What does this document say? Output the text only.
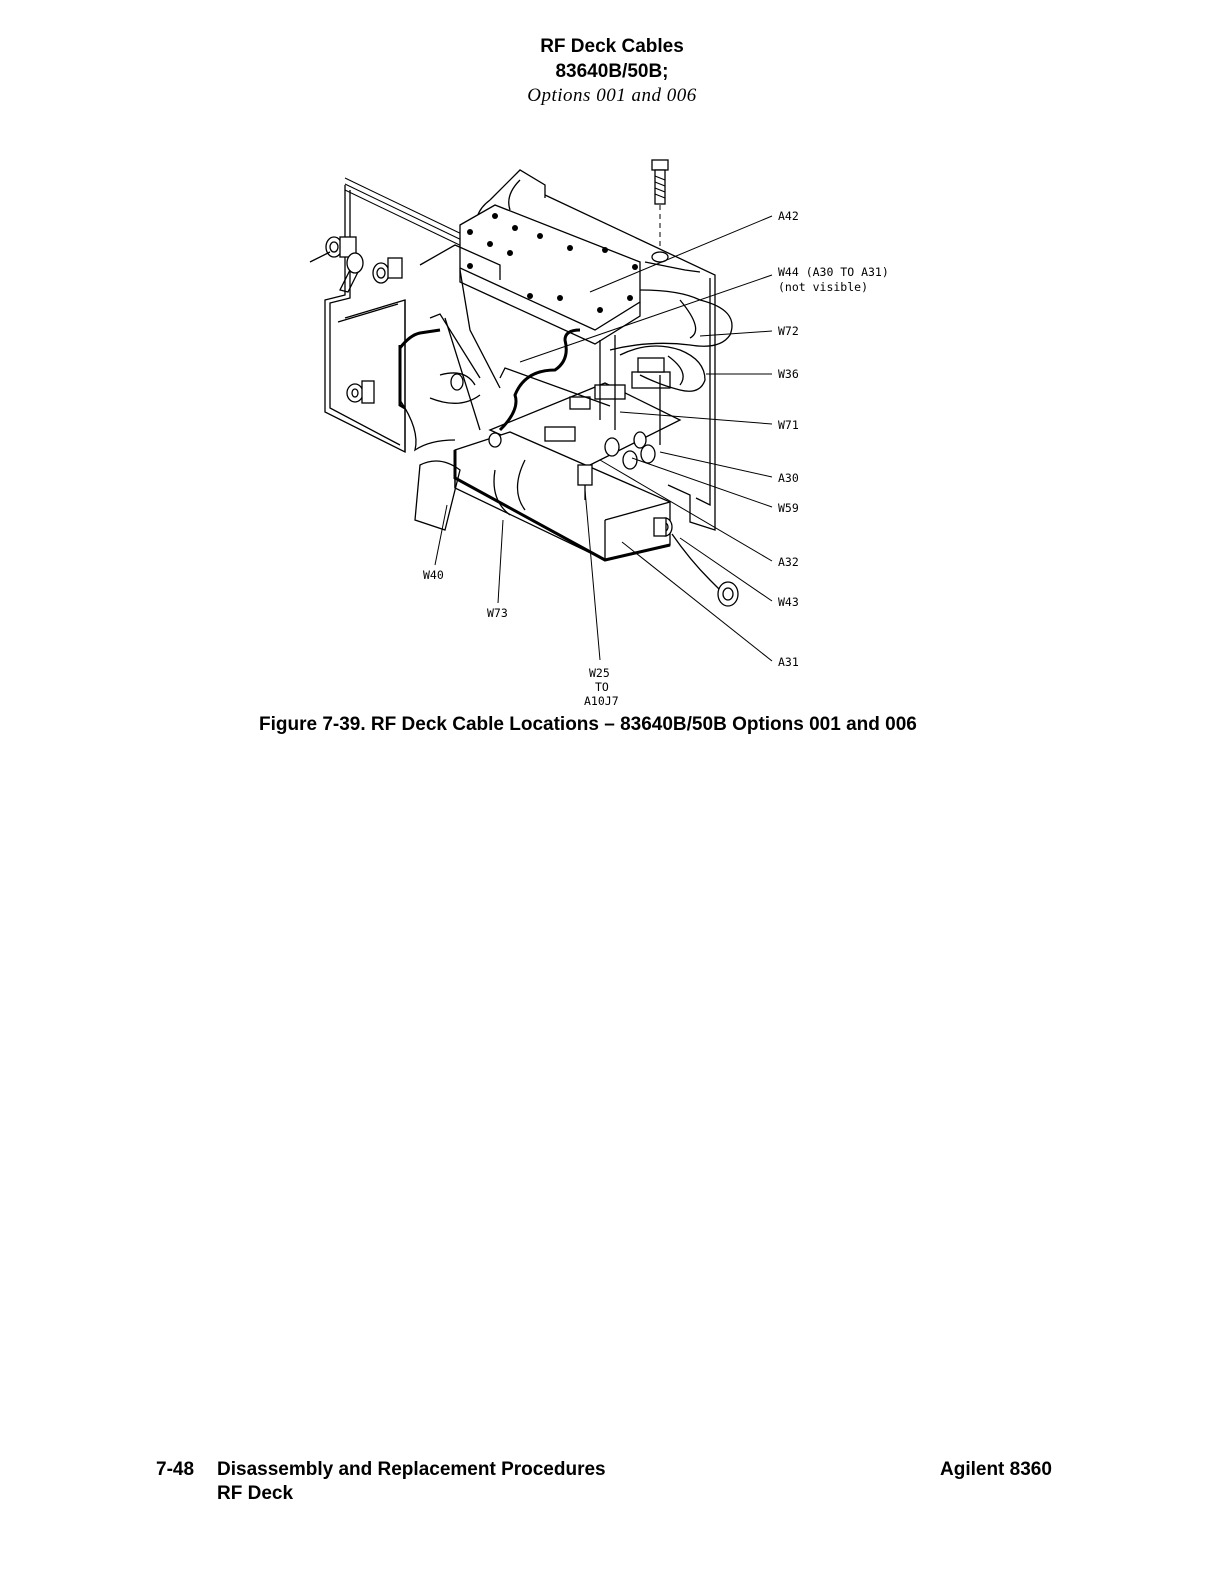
RF Deck Cables
83640B/50B;
Options 001 and 006
A42
W44 (A30 TO A31)
(not visible)
W72
W36
W71
A30
W59
A32
W43
A31
W40
W73
W25
TO
A10J7
Figure 7-39. RF Deck Cable Locations – 83640B/50B Options 001 and 006
7-48 Disassembly and Replacement Procedures
RF Deck
Agilent 8360
